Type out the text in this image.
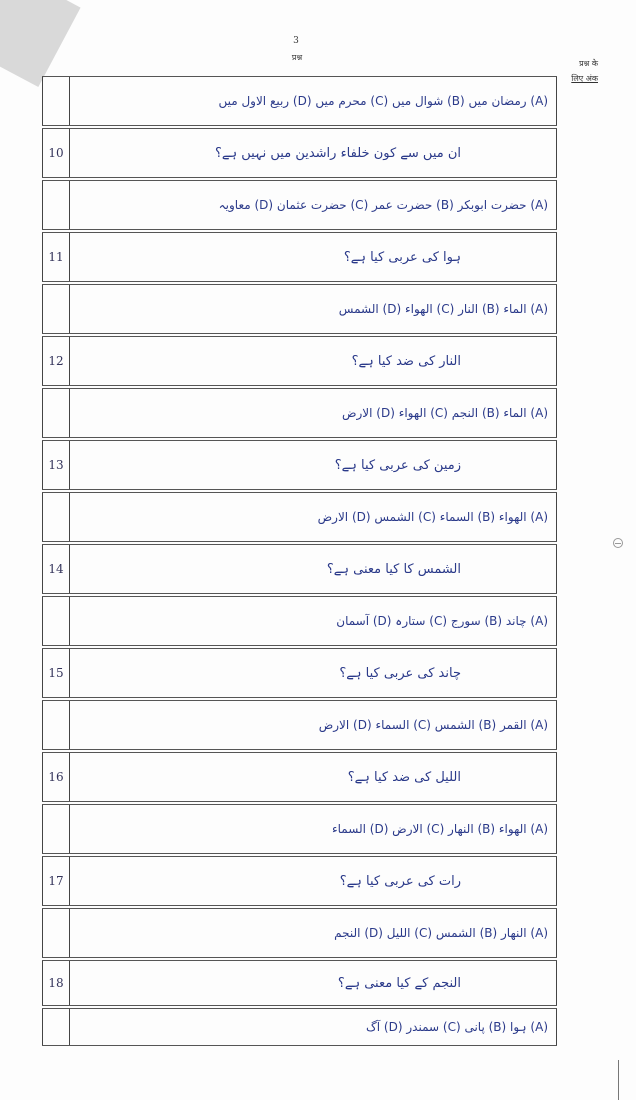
3
प्रश्न
प्रश्न के
लिए अंक
(A) رمضان میں (B) شوال میں (C) محرم میں (D) ربیع الاول میں
10	ان میں سے کون خلفاء راشدین میں نہیں ہے؟
(A) حضرت ابوبکر (B) حضرت عمر (C) حضرت عثمان (D) معاویہ
11	ہوا کی عربی کیا ہے؟
(A) الماء (B) النار (C) الھواء (D) الشمس
12	النار کی ضد کیا ہے؟
(A) الماء (B) النجم (C) الھواء (D) الارض
13	زمین کی عربی کیا ہے؟
(A) الھواء (B) السماء (C) الشمس (D) الارض
14	الشمس کا کیا معنی ہے؟
(A) چاند (B) سورج (C) ستارہ (D) آسمان
15	چاند کی عربی کیا ہے؟
(A) القمر (B) الشمس (C) السماء (D) الارض
16	اللیل کی ضد کیا ہے؟
(A) الھواء (B) النھار (C) الارض (D) السماء
17	رات کی عربی کیا ہے؟
(A) النھار (B) الشمس (C) اللیل (D) النجم
18	النجم کے کیا معنی ہے؟
(A) ہوا (B) پانی (C) سمندر (D) آگ
